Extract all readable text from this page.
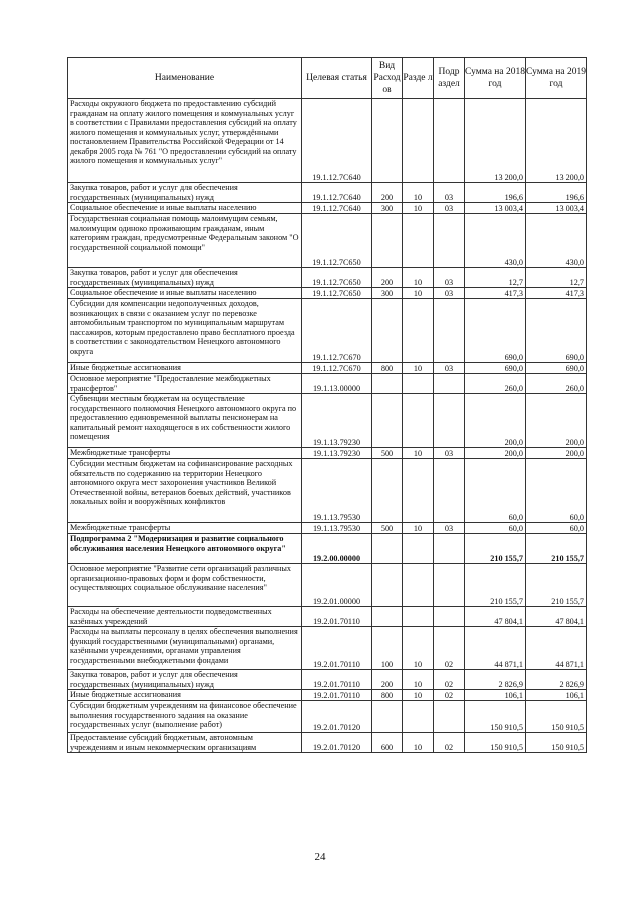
Наименование	Целевая статья	Вид Расход ов	Разде л	Подр аздел	Сумма на 2018 год	Сумма на 2019 год
Расходы окружного бюджета по предоставлению субсидий гражданам на оплату жилого помещения и коммунальных услуг в соответствии с Правилами предоставления субсидий на оплату жилого помещения и коммунальных услуг, утверждёнными постановлением Правительства Российской Федерации от 14 декабря 2005 года № 761 "О предоставлении субсидий на оплату жилого помещения и коммунальных услуг"	19.1.12.7С640				13 200,0	13 200,0
Закупка товаров, работ и услуг для обеспечения государственных (муниципальных) нужд	19.1.12.7С640	200	10	03	196,6	196,6
Социальное обеспечение и иные выплаты населению	19.1.12.7С640	300	10	03	13 003,4	13 003,4
Государственная социальная помощь малоимущим семьям, малоимущим одиноко проживающим гражданам, иным категориям граждан, предусмотренные Федеральным законом "О государственной социальной помощи"	19.1.12.7С650				430,0	430,0
Закупка товаров, работ и услуг для обеспечения государственных (муниципальных) нужд	19.1.12.7С650	200	10	03	12,7	12,7
Социальное обеспечение и иные выплаты населению	19.1.12.7С650	300	10	03	417,3	417,3
Субсидии для компенсации недополученных доходов, возникающих в связи с оказанием услуг по перевозке автомобильным транспортом по муниципальным маршрутам пассажиров, которым предоставлено право бесплатного проезда в соответствии с законодательством Ненецкого автономного округа	19.1.12.7С670				690,0	690,0
Иные бюджетные ассигнования	19.1.12.7С670	800	10	03	690,0	690,0
Основное мероприятие "Предоставление межбюджетных трансфертов"	19.1.13.00000				260,0	260,0
Субвенции местным бюджетам на осуществление государственного полномочия Ненецкого автономного округа по предоставлению единовременной выплаты пенсионерам на капитальный ремонт находящегося в их собственности жилого помещения	19.1.13.79230				200,0	200,0
Межбюджетные трансферты	19.1.13.79230	500	10	03	200,0	200,0
Субсидии местным бюджетам на софинансирование расходных обязательств по содержанию на территории Ненецкого автономного округа мест захоронения участников Великой Отечественной войны, ветеранов боевых действий, участников локальных войн и вооружённых конфликтов	19.1.13.79530				60,0	60,0
Межбюджетные трансферты	19.1.13.79530	500	10	03	60,0	60,0
Подпрограмма 2 "Модернизация и развитие социального обслуживания населения Ненецкого автономного округа"	19.2.00.00000				210 155,7	210 155,7
Основное мероприятие "Развитие сети организаций различных организационно-правовых форм и форм собственности, осуществляющих социальное обслуживание населения"	19.2.01.00000				210 155,7	210 155,7
Расходы на обеспечение деятельности подведомственных казённых учреждений	19.2.01.70110				47 804,1	47 804,1
Расходы на выплаты персоналу в целях обеспечения выполнения функций государственными (муниципальными) органами, казёнными учреждениями, органами управления государственными внебюджетными фондами	19.2.01.70110	100	10	02	44 871,1	44 871,1
Закупка товаров, работ и услуг для обеспечения государственных (муниципальных) нужд	19.2.01.70110	200	10	02	2 826,9	2 826,9
Иные бюджетные ассигнования	19.2.01.70110	800	10	02	106,1	106,1
Субсидии бюджетным учреждениям на финансовое обеспечение выполнения государственного задания на оказание государственных услуг (выполнение работ)	19.2.01.70120				150 910,5	150 910,5
Предоставление субсидий бюджетным, автономным учреждениям и иным некоммерческим организациям	19.2.01.70120	600	10	02	150 910,5	150 910,5
24
